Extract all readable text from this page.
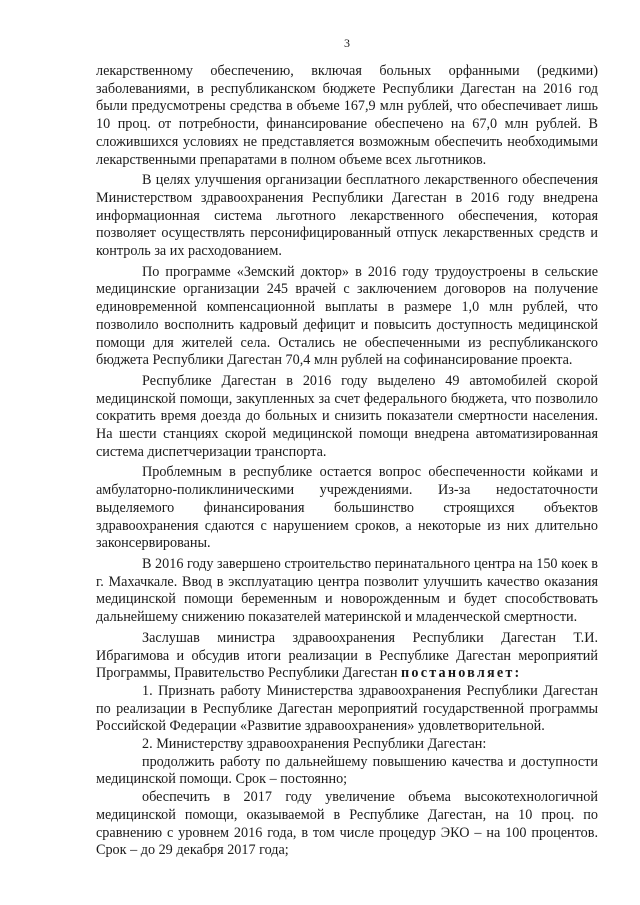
3

лекарственному обеспечению, включая больных орфанными (редкими) заболеваниями, в республиканском бюджете Республики Дагестан на 2016 год были предусмотрены средства в объеме 167,9 млн рублей, что обеспечивает лишь 10 проц. от потребности, финансирование обеспечено на 67,0 млн рублей. В сложившихся условиях не представляется возможным обеспечить необходимыми лекарственными препаратами в полном объеме всех льготников.

В целях улучшения организации бесплатного лекарственного обеспечения Министерством здравоохранения Республики Дагестан в 2016 году внедрена информационная система льготного лекарственного обеспечения, которая позволяет осуществлять персонифицированный отпуск лекарственных средств и контроль за их расходованием.

По программе «Земский доктор» в 2016 году трудоустроены в сельские медицинские организации 245 врачей с заключением договоров на получение единовременной компенсационной выплаты в размере 1,0 млн рублей, что позволило восполнить кадровый дефицит и повысить доступность медицинской помощи для жителей села. Остались не обеспеченными из республиканского бюджета Республики Дагестан 70,4 млн рублей на софинансирование проекта.

Республике Дагестан в 2016 году выделено 49 автомобилей скорой медицинской помощи, закупленных за счет федерального бюджета, что позволило сократить время доезда до больных и снизить показатели смертности населения. На шести станциях скорой медицинской помощи внедрена автоматизированная система диспетчеризации транспорта.

Проблемным в республике остается вопрос обеспеченности койками и амбулаторно-поликлиническими учреждениями. Из-за недостаточности выделяемого финансирования большинство строящихся объектов здравоохранения сдаются с нарушением сроков, а некоторые из них длительно законсервированы.

В 2016 году завершено строительство перинатального центра на 150 коек в г. Махачкале. Ввод в эксплуатацию центра позволит улучшить качество оказания медицинской помощи беременным и новорожденным и будет способствовать дальнейшему снижению показателей материнской и младенческой смертности.

Заслушав министра здравоохранения Республики Дагестан Т.И. Ибрагимова и обсудив итоги реализации в Республике Дагестан мероприятий Программы, Правительство Республики Дагестан постановляет:

1. Признать работу Министерства здравоохранения Республики Дагестан по реализации в Республике Дагестан мероприятий государственной программы Российской Федерации «Развитие здравоохранения» удовлетворительной.

2. Министерству здравоохранения Республики Дагестан:

продолжить работу по дальнейшему повышению качества и доступности медицинской помощи. Срок – постоянно;

обеспечить в 2017 году увеличение объема высокотехнологичной медицинской помощи, оказываемой в Республике Дагестан, на 10 проц. по сравнению с уровнем 2016 года, в том числе процедур ЭКО – на 100 процентов. Срок – до 29 декабря 2017 года;
